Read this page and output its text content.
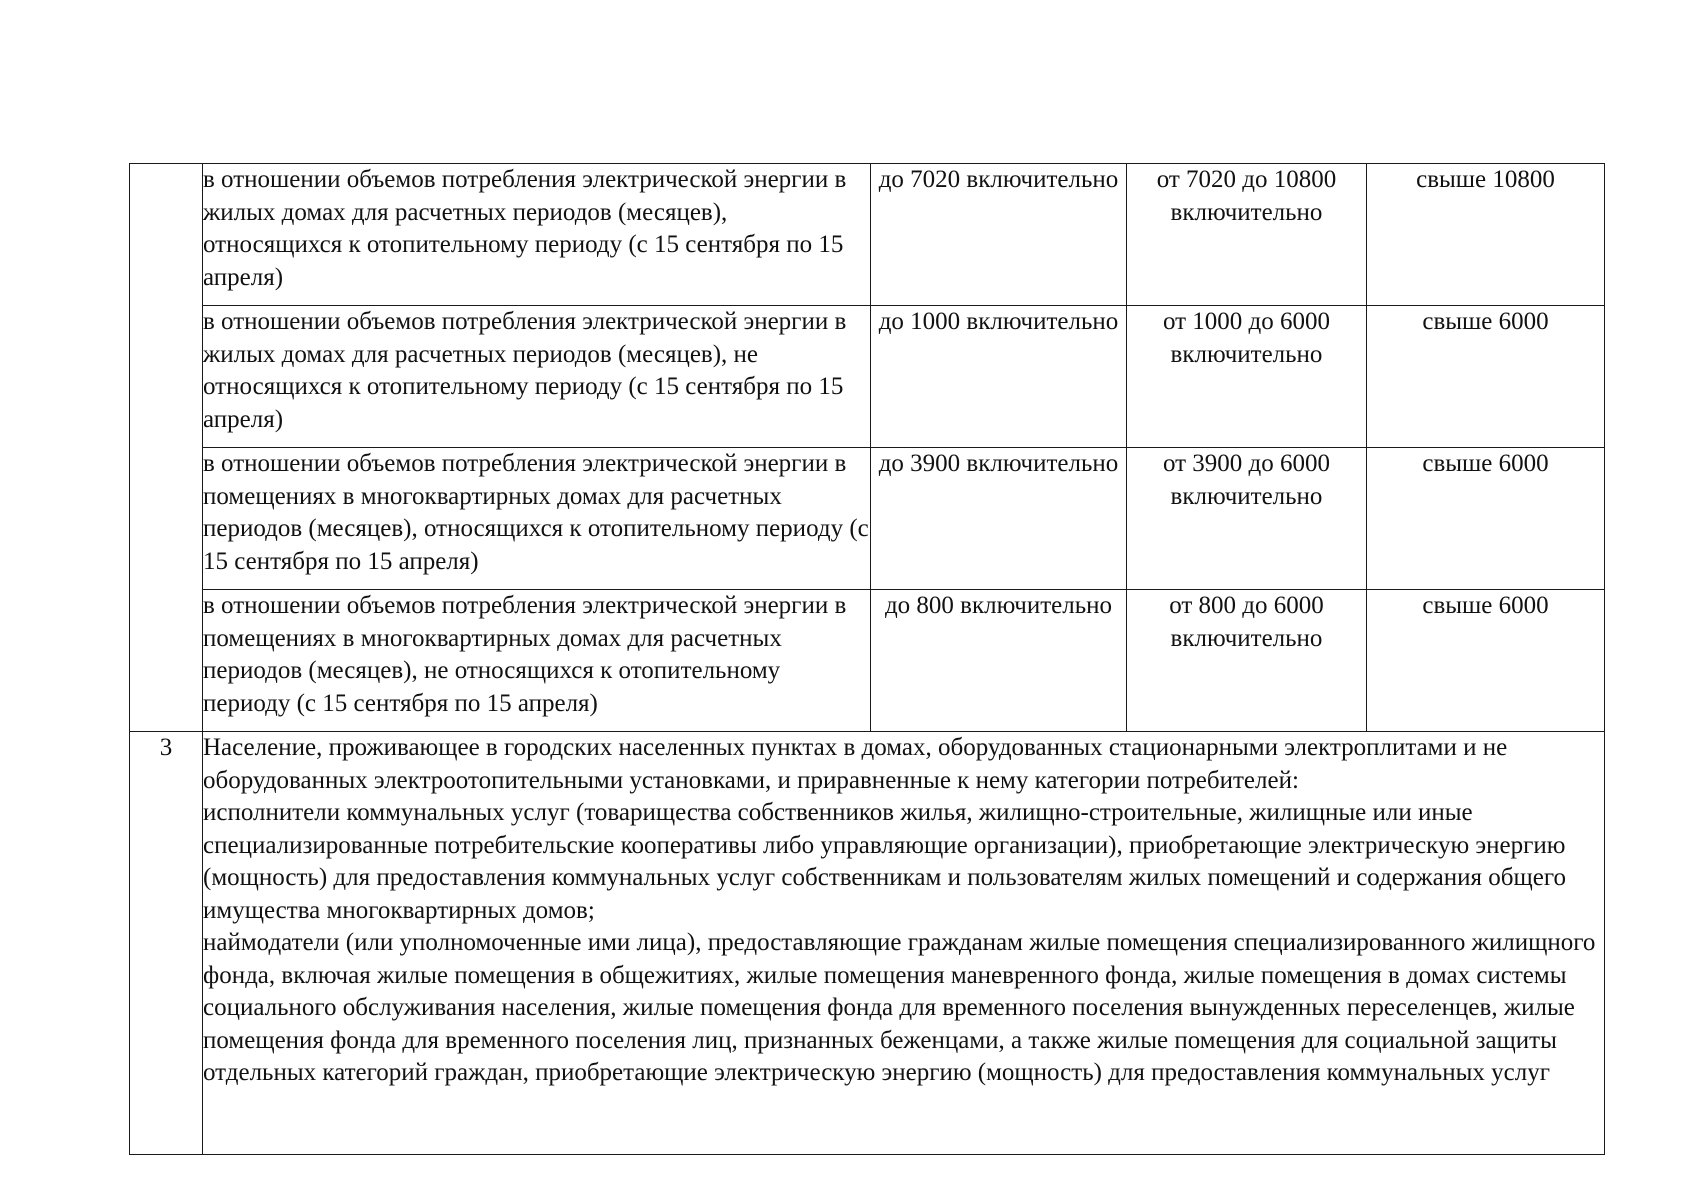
	в отношении объемов потребления электрической энергии в жилых домах для расчетных периодов (месяцев), относящихся к отопительному периоду (с 15 сентября по 15 апреля)	до 7020 включительно	от 7020 до 10800 включительно	свыше 10800

	в отношении объемов потребления электрической энергии в жилых домах для расчетных периодов (месяцев), не относящихся к отопительному периоду (с 15 сентября по 15 апреля)	до 1000 включительно	от 1000 до 6000 включительно	свыше 6000

	в отношении объемов потребления электрической энергии в помещениях в многоквартирных домах для расчетных периодов (месяцев), относящихся к отопительному периоду (с 15 сентября по 15 апреля)	до 3900 включительно	от 3900 до 6000 включительно	свыше 6000

	в отношении объемов потребления электрической энергии в помещениях в многоквартирных домах для расчетных периодов (месяцев), не относящихся к отопительному периоду (с 15 сентября по 15 апреля)	до 800 включительно	от 800 до 6000 включительно	свыше 6000

3	Население, проживающее в городских населенных пунктах в домах, оборудованных стационарными электроплитами и не оборудованных электроотопительными установками, и приравненные к нему категории потребителей:
исполнители коммунальных услуг (товарищества собственников жилья, жилищно-строительные, жилищные или иные специализированные потребительские кооперативы либо управляющие организации), приобретающие электрическую энергию (мощность) для предоставления коммунальных услуг собственникам и пользователям жилых помещений и содержания общего имущества многоквартирных домов;
наймодатели (или уполномоченные ими лица), предоставляющие гражданам жилые помещения специализированного жилищного фонда, включая жилые помещения в общежитиях, жилые помещения маневренного фонда, жилые помещения в домах системы социального обслуживания населения, жилые помещения фонда для временного поселения вынужденных переселенцев, жилые помещения фонда для временного поселения лиц, признанных беженцами, а также жилые помещения для социальной защиты отдельных категорий граждан, приобретающие электрическую энергию (мощность) для предоставления коммунальных услуг			
